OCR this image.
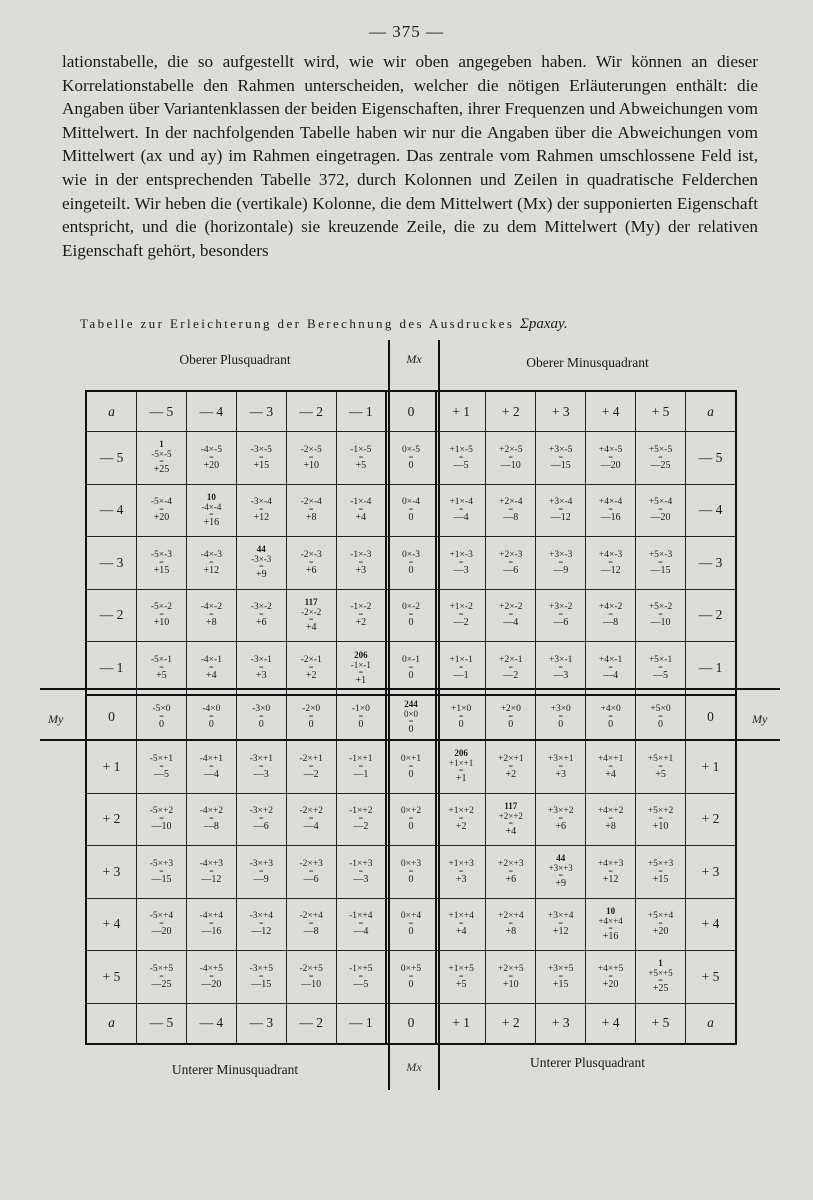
— 375 —

lationstabelle, die so aufgestellt wird, wie wir oben angegeben haben. Wir können an dieser Korrelationstabelle den Rahmen unterscheiden, welcher die nötigen Erläuterungen enthält: die Angaben über Variantenklassen der beiden Eigenschaften, ihrer Frequenzen und Abweichungen vom Mittelwert. In der nachfolgenden Tabelle haben wir nur die Angaben über die Abweichungen vom Mittelwert (ax und ay) im Rahmen eingetragen. Das zentrale vom Rahmen umschlossene Feld ist, wie in der entsprechenden Tabelle 372, durch Kolonnen und Zeilen in quadratische Felderchen eingeteilt. Wir heben die (vertikale) Kolonne, die dem Mittelwert (Mx) der supponierten Eigenschaft entspricht, und die (horizontale) sie kreuzende Zeile, die zu dem Mittelwert (My) der relativen Eigenschaft gehört, besonders

Tabelle zur Erleichterung der Berechnung des Ausdruckes Σpaxay.
Oberer Plusquadrant	Mx	Oberer Minusquadrant
a	— 5	— 4	— 3	— 2	— 1	0	+ 1	+ 2	+ 3	+ 4	+ 5	a
— 5	1
-5×-5
=
+25	-4×-5
=
+20	-3×-5
=
+15	-2×-5
=
+10	-1×-5
=
+5	0×-5
=
0	+1×-5
=
—5	+2×-5
=
—10	+3×-5
=
—15	+4×-5
=
—20	+5×-5
=
—25	— 5
— 4	-5×-4
=
+20	10
-4×-4
=
+16	-3×-4
=
+12	-2×-4
=
+8	-1×-4
=
+4	0×-4
=
0	+1×-4
=
—4	+2×-4
=
—8	+3×-4
=
—12	+4×-4
=
—16	+5×-4
=
—20	— 4
— 3	-5×-3
=
+15	-4×-3
=
+12	44
-3×-3
=
+9	-2×-3
=
+6	-1×-3
=
+3	0×-3
=
0	+1×-3
=
—3	+2×-3
=
—6	+3×-3
=
—9	+4×-3
=
—12	+5×-3
=
—15	— 3
— 2	-5×-2
=
+10	-4×-2
=
+8	-3×-2
=
+6	117
-2×-2
=
+4	-1×-2
=
+2	0×-2
=
0	+1×-2
=
—2	+2×-2
=
—4	+3×-2
=
—6	+4×-2
=
—8	+5×-2
=
—10	— 2
— 1	-5×-1
=
+5	-4×-1
=
+4	-3×-1
=
+3	-2×-1
=
+2	206
-1×-1
=
+1	0×-1
=
0	+1×-1
=
—1	+2×-1
=
—2	+3×-1
=
—3	+4×-1
=
—4	+5×-1
=
—5	— 1
0	-5×0
=
0	-4×0
=
0	-3×0
=
0	-2×0
=
0	-1×0
=
0	244
0×0
=
0	+1×0
=
0	+2×0
=
0	+3×0
=
0	+4×0
=
0	+5×0
=
0	0
+ 1	-5×+1
=
—5	-4×+1
=
—4	-3×+1
=
—3	-2×+1
=
—2	-1×+1
=
—1	0×+1
=
0	206
+1×+1
=
+1	+2×+1
=
+2	+3×+1
=
+3	+4×+1
=
+4	+5×+1
=
+5	+ 1
+ 2	-5×+2
=
—10	-4×+2
=
—8	-3×+2
=
—6	-2×+2
=
—4	-1×+2
=
—2	0×+2
=
0	+1×+2
=
+2	117
+2×+2
=
+4	+3×+2
=
+6	+4×+2
=
+8	+5×+2
=
+10	+ 2
+ 3	-5×+3
=
—15	-4×+3
=
—12	-3×+3
=
—9	-2×+3
=
—6	-1×+3
=
—3	0×+3
=
0	+1×+3
=
+3	+2×+3
=
+6	44
+3×+3
=
+9	+4×+3
=
+12	+5×+3
=
+15	+ 3
+ 4	-5×+4
=
—20	-4×+4
=
—16	-3×+4
=
—12	-2×+4
=
—8	-1×+4
=
—4	0×+4
=
0	+1×+4
=
+4	+2×+4
=
+8	+3×+4
=
+12	10
+4×+4
=
+16	+5×+4
=
+20	+ 4
+ 5	-5×+5
=
—25	-4×+5
=
—20	-3×+5
=
—15	-2×+5
=
—10	-1×+5
=
—5	0×+5
=
0	+1×+5
=
+5	+2×+5
=
+10	+3×+5
=
+15	+4×+5
=
+20	1
+5×+5
=
+25	+ 5
a	— 5	— 4	— 3	— 2	— 1	0	+ 1	+ 2	+ 3	+ 4	+ 5	a
My	My
Unterer Minusquadrant	Mx	Unterer Plusquadrant
